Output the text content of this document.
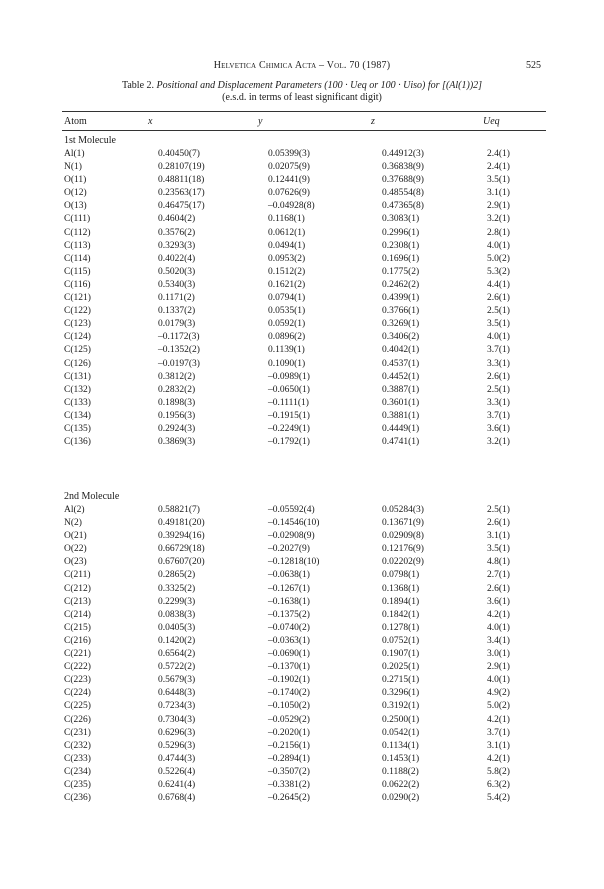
Helvetica Chimica Acta – Vol. 70 (1987)	525
Table 2. Positional and Displacement Parameters (100 · Ueq or 100 · Uiso) for [(Al(1))2]
(e.s.d. in terms of least significant digit)
Atom	x	y	z	Ueq
1st Molecule
Al(1)	0.40450(7)	0.05399(3)	0.44912(3)	2.4(1)
N(1)	0.28107(19)	0.02075(9)	0.36838(9)	2.4(1)
O(11)	0.48811(18)	0.12441(9)	0.37688(9)	3.5(1)
O(12)	0.23563(17)	0.07626(9)	0.48554(8)	3.1(1)
O(13)	0.46475(17)	–0.04928(8)	0.47365(8)	2.9(1)
C(111)	0.4604(2)	0.1168(1)	0.3083(1)	3.2(1)
C(112)	0.3576(2)	0.0612(1)	0.2996(1)	2.8(1)
C(113)	0.3293(3)	0.0494(1)	0.2308(1)	4.0(1)
C(114)	0.4022(4)	0.0953(2)	0.1696(1)	5.0(2)
C(115)	0.5020(3)	0.1512(2)	0.1775(2)	5.3(2)
C(116)	0.5340(3)	0.1621(2)	0.2462(2)	4.4(1)
C(121)	0.1171(2)	0.0794(1)	0.4399(1)	2.6(1)
C(122)	0.1337(2)	0.0535(1)	0.3766(1)	2.5(1)
C(123)	0.0179(3)	0.0592(1)	0.3269(1)	3.5(1)
C(124)	–0.1172(3)	0.0896(2)	0.3406(2)	4.0(1)
C(125)	–0.1352(2)	0.1139(1)	0.4042(1)	3.7(1)
C(126)	–0.0197(3)	0.1090(1)	0.4537(1)	3.3(1)
C(131)	0.3812(2)	–0.0989(1)	0.4452(1)	2.6(1)
C(132)	0.2832(2)	–0.0650(1)	0.3887(1)	2.5(1)
C(133)	0.1898(3)	–0.1111(1)	0.3601(1)	3.3(1)
C(134)	0.1956(3)	–0.1915(1)	0.3881(1)	3.7(1)
C(135)	0.2924(3)	–0.2249(1)	0.4449(1)	3.6(1)
C(136)	0.3869(3)	–0.1792(1)	0.4741(1)	3.2(1)
2nd Molecule
Al(2)	0.58821(7)	–0.05592(4)	0.05284(3)	2.5(1)
N(2)	0.49181(20)	–0.14546(10)	0.13671(9)	2.6(1)
O(21)	0.39294(16)	–0.02908(9)	0.02909(8)	3.1(1)
O(22)	0.66729(18)	–0.2027(9)	0.12176(9)	3.5(1)
O(23)	0.67607(20)	–0.12818(10)	0.02202(9)	4.8(1)
C(211)	0.2865(2)	–0.0638(1)	0.0798(1)	2.7(1)
C(212)	0.3325(2)	–0.1267(1)	0.1368(1)	2.6(1)
C(213)	0.2299(3)	–0.1638(1)	0.1894(1)	3.6(1)
C(214)	0.0838(3)	–0.1375(2)	0.1842(1)	4.2(1)
C(215)	0.0405(3)	–0.0740(2)	0.1278(1)	4.0(1)
C(216)	0.1420(2)	–0.0363(1)	0.0752(1)	3.4(1)
C(221)	0.6564(2)	–0.0690(1)	0.1907(1)	3.0(1)
C(222)	0.5722(2)	–0.1370(1)	0.2025(1)	2.9(1)
C(223)	0.5679(3)	–0.1902(1)	0.2715(1)	4.0(1)
C(224)	0.6448(3)	–0.1740(2)	0.3296(1)	4.9(2)
C(225)	0.7234(3)	–0.1050(2)	0.3192(1)	5.0(2)
C(226)	0.7304(3)	–0.0529(2)	0.2500(1)	4.2(1)
C(231)	0.6296(3)	–0.2020(1)	0.0542(1)	3.7(1)
C(232)	0.5296(3)	–0.2156(1)	0.1134(1)	3.1(1)
C(233)	0.4744(3)	–0.2894(1)	0.1453(1)	4.2(1)
C(234)	0.5226(4)	–0.3507(2)	0.1188(2)	5.8(2)
C(235)	0.6241(4)	–0.3381(2)	0.0622(2)	6.3(2)
C(236)	0.6768(4)	–0.2645(2)	0.0290(2)	5.4(2)
